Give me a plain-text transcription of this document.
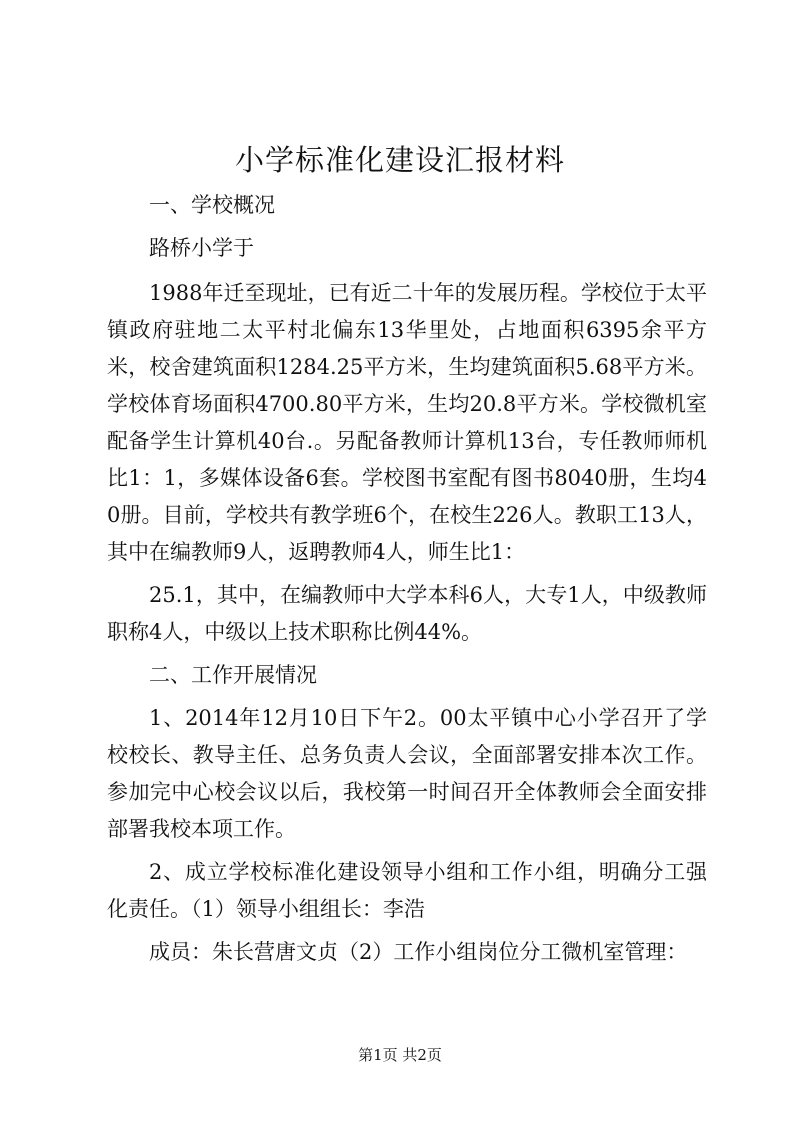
小学标准化建设汇报材料

一、学校概况

路桥小学于

1988年迁至现址，已有近二十年的发展历程。学校位于太平镇政府驻地二太平村北偏东13华里处，占地面积6395余平方米，校舍建筑面积1284.25平方米，生均建筑面积5.68平方米。学校体育场面积4700.80平方米，生均20.8平方米。学校微机室配备学生计算机40台.。另配备教师计算机13台，专任教师师机比1：1，多媒体设备6套。学校图书室配有图书8040册，生均40册。目前，学校共有教学班6个，在校生226人。教职工13人，其中在编教师9人，返聘教师4人，师生比1：

25.1，其中，在编教师中大学本科6人，大专1人，中级教师职称4人，中级以上技术职称比例44%。

二、工作开展情况

1、2014年12月10日下午2。00太平镇中心小学召开了学校校长、教导主任、总务负责人会议，全面部署安排本次工作。参加完中心校会议以后，我校第一时间召开全体教师会全面安排部署我校本项工作。

2、成立学校标准化建设领导小组和工作小组，明确分工强化责任。（1）领导小组组长：李浩

成员：朱长营唐文贞（2）工作小组岗位分工微机室管理：

第1页 共2页
